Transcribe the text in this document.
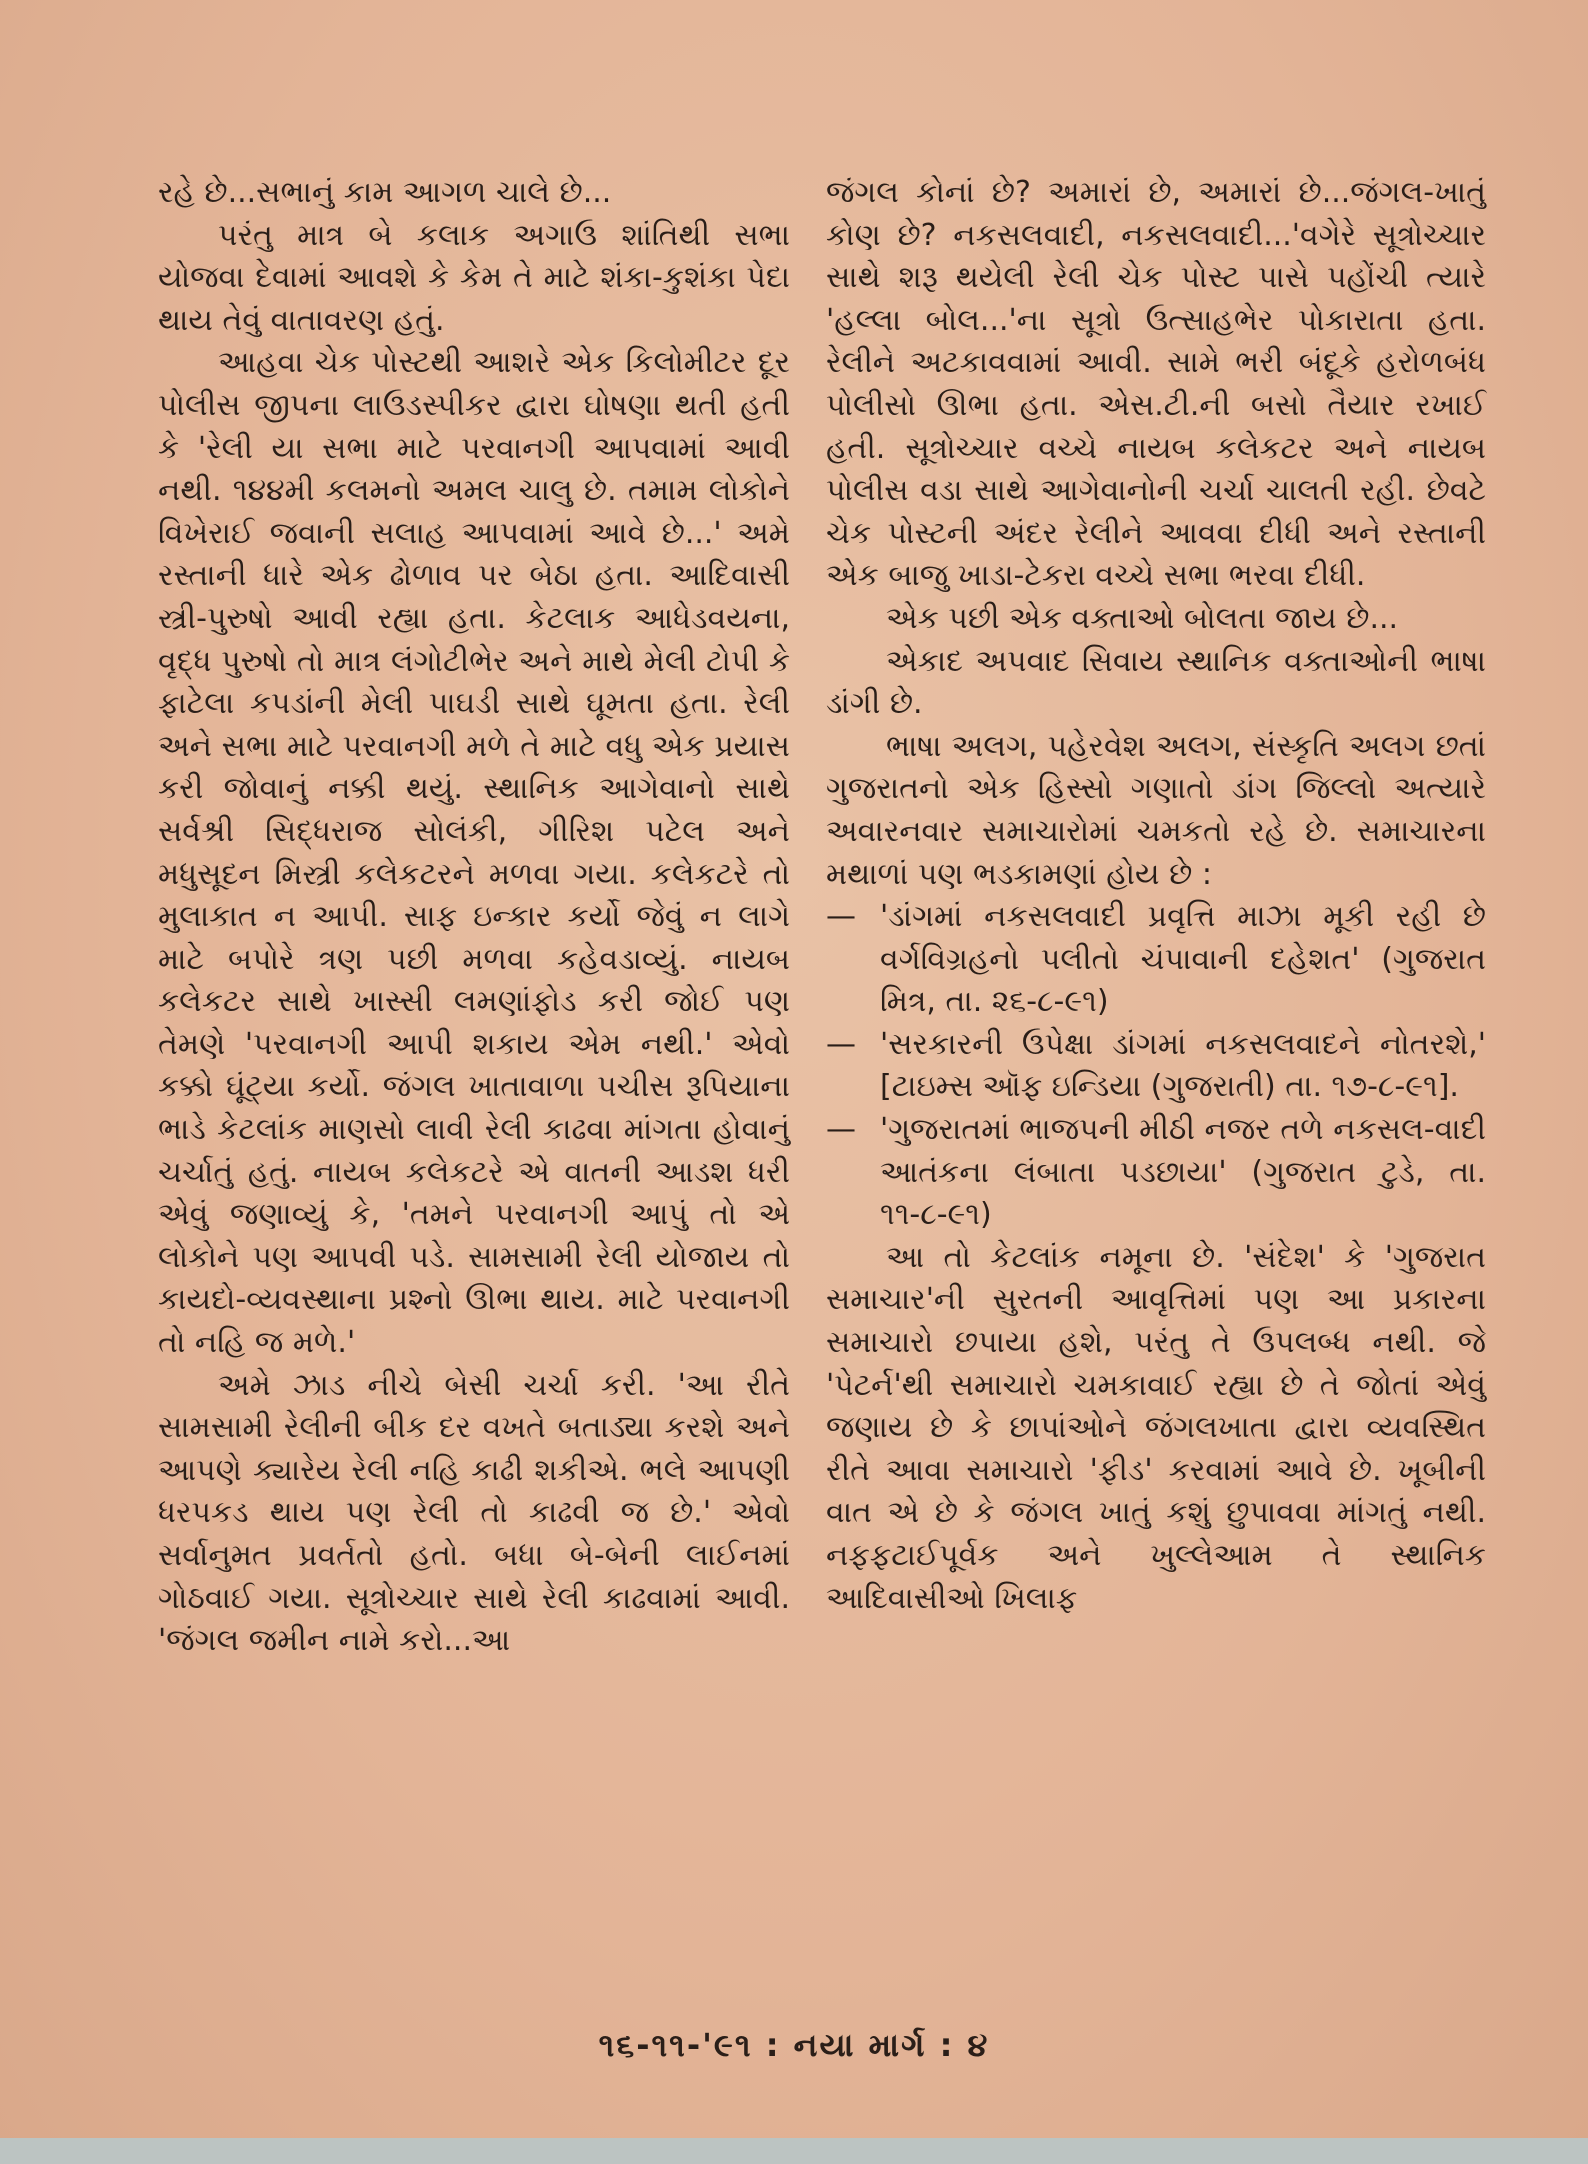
રહે છે...સભાનું કામ આગળ ચાલે છે...

પરંતુ માત્ર બે કલાક અગાઉ શાંતિથી સભા યોજવા દેવામાં આવશે કે કેમ તે માટે શંકા-કુશંકા પેદા થાય તેવું વાતાવરણ હતું.

આહવા ચેક પોસ્ટથી આશરે એક કિલોમીટર દૂર પોલીસ જીપના લાઉડસ્પીકર દ્વારા ઘોષણા થતી હતી કે 'રેલી યા સભા માટે પરવાનગી આપવામાં આવી નથી. ૧૪૪મી કલમનો અમલ ચાલુ છે. તમામ લોકોને વિખેરાઈ જવાની સલાહ આપવામાં આવે છે...' અમે રસ્તાની ધારે એક ઢોળાવ પર બેઠા હતા. આદિવાસી સ્ત્રી-પુરુષો આવી રહ્યા હતા. કેટલાક આધેડવયના, વૃદ્ધ પુરુષો તો માત્ર લંગોટીભેર અને માથે મેલી ટોપી કે ફાટેલા કપડાંની મેલી પાઘડી સાથે ઘૂમતા હતા. રેલી અને સભા માટે પરવાનગી મળે તે માટે વધુ એક પ્રયાસ કરી જોવાનું નક્કી થયું. સ્થાનિક આગેવાનો સાથે સર્વશ્રી સિદ્ધરાજ સોલંકી, ગીરિશ પટેલ અને મધુસૂદન મિસ્ત્રી કલેકટરને મળવા ગયા. કલેકટરે તો મુલાકાત ન આપી. સાફ ઇન્કાર કર્યો જેવું ન લાગે માટે બપોરે ત્રણ પછી મળવા કહેવડાવ્યું. નાયબ કલેકટર સાથે ખાસ્સી લમણાંફોડ કરી જોઈ પણ તેમણે 'પરવાનગી આપી શકાય એમ નથી.' એવો કક્કો ઘૂંટ્યા કર્યો. જંગલ ખાતાવાળા પચીસ રૂપિયાના ભાડે કેટલાંક માણસો લાવી રેલી કાઢવા માંગતા હોવાનું ચર્ચાતું હતું. નાયબ કલેકટરે એ વાતની આડશ ધરી એવું જણાવ્યું કે, 'તમને પરવાનગી આપું તો એ લોકોને પણ આપવી પડે. સામસામી રેલી યોજાય તો કાયદો-વ્યવસ્થાના પ્રશ્નો ઊભા થાય. માટે પરવાનગી તો નહિ જ મળે.'

અમે ઝાડ નીચે બેસી ચર્ચા કરી. 'આ રીતે સામસામી રેલીની બીક દર વખતે બતાડ્યા કરશે અને આપણે ક્યારેય રેલી નહિ કાઢી શકીએ. ભલે આપણી ધરપકડ થાય પણ રેલી તો કાઢવી જ છે.' એવો સર્વાનુમત પ્રવર્તતો હતો. બધા બે-બેની લાઈનમાં ગોઠવાઈ ગયા. સૂત્રોચ્ચાર સાથે રેલી કાઢવામાં આવી. 'જંગલ જમીન નામે કરો...આ

જંગલ કોનાં છે? અમારાં છે, અમારાં છે...જંગલ-ખાતું કોણ છે? નકસલવાદી, નકસલવાદી...'વગેરે સૂત્રોચ્ચાર સાથે શરૂ થયેલી રેલી ચેક પોસ્ટ પાસે પહોંચી ત્યારે 'હલ્લા બોલ...'ના સૂત્રો ઉત્સાહભેર પોકારાતા હતા. રેલીને અટકાવવામાં આવી. સામે ભરી બંદૂકે હરોળબંધ પોલીસો ઊભા હતા. એસ.ટી.ની બસો તૈયાર રખાઈ હતી. સૂત્રોચ્ચાર વચ્ચે નાયબ કલેકટર અને નાયબ પોલીસ વડા સાથે આગેવાનોની ચર્ચા ચાલતી રહી. છેવટે ચેક પોસ્ટની અંદર રેલીને આવવા દીધી અને રસ્તાની એક બાજુ ખાડા-ટેકરા વચ્ચે સભા ભરવા દીધી.

એક પછી એક વક્તાઓ બોલતા જાય છે...

એકાદ અપવાદ સિવાય સ્થાનિક વક્તાઓની ભાષા ડાંગી છે.

ભાષા અલગ, પહેરવેશ અલગ, સંસ્કૃતિ અલગ છતાં ગુજરાતનો એક હિસ્સો ગણાતો ડાંગ જિલ્લો અત્યારે અવારનવાર સમાચારોમાં ચમકતો રહે છે. સમાચારના મથાળાં પણ ભડકામણાં હોય છે :

— 'ડાંગમાં નકસલવાદી પ્રવૃત્તિ માઝા મૂકી રહી છે વર્ગવિગ્રહનો પલીતો ચંપાવાની દહેશત' (ગુજરાત મિત્ર, તા. ૨૬-૮-૯૧)
— 'સરકારની ઉપેક્ષા ડાંગમાં નકસલવાદને નોતરશે,' [ટાઇમ્સ ઑફ ઇન્ડિયા (ગુજરાતી) તા. ૧૭-૮-૯૧].
— 'ગુજરાતમાં ભાજપની મીઠી નજર તળે નકસલ-વાદી આતંકના લંબાતા પડછાયા' (ગુજરાત ટુડે, તા. ૧૧-૮-૯૧)

આ તો કેટલાંક નમૂના છે. 'સંદેશ' કે 'ગુજરાત સમાચાર'ની સુરતની આવૃત્તિમાં પણ આ પ્રકારના સમાચારો છપાયા હશે, પરંતુ તે ઉપલબ્ધ નથી. જે 'પેટર્ન'થી સમાચારો ચમકાવાઈ રહ્યા છે તે જોતાં એવું જણાય છે કે છાપાંઓને જંગલખાતા દ્વારા વ્યવસ્થિત રીતે આવા સમાચારો 'ફીડ' કરવામાં આવે છે. ખૂબીની વાત એ છે કે જંગલ ખાતું કશું છુપાવવા માંગતું નથી. નફફટાઈપૂર્વક અને ખુલ્લેઆમ તે સ્થાનિક આદિવાસીઓ ખિલાફ

૧૬-૧૧-'૯૧ : નયા માર્ગ : ૪
